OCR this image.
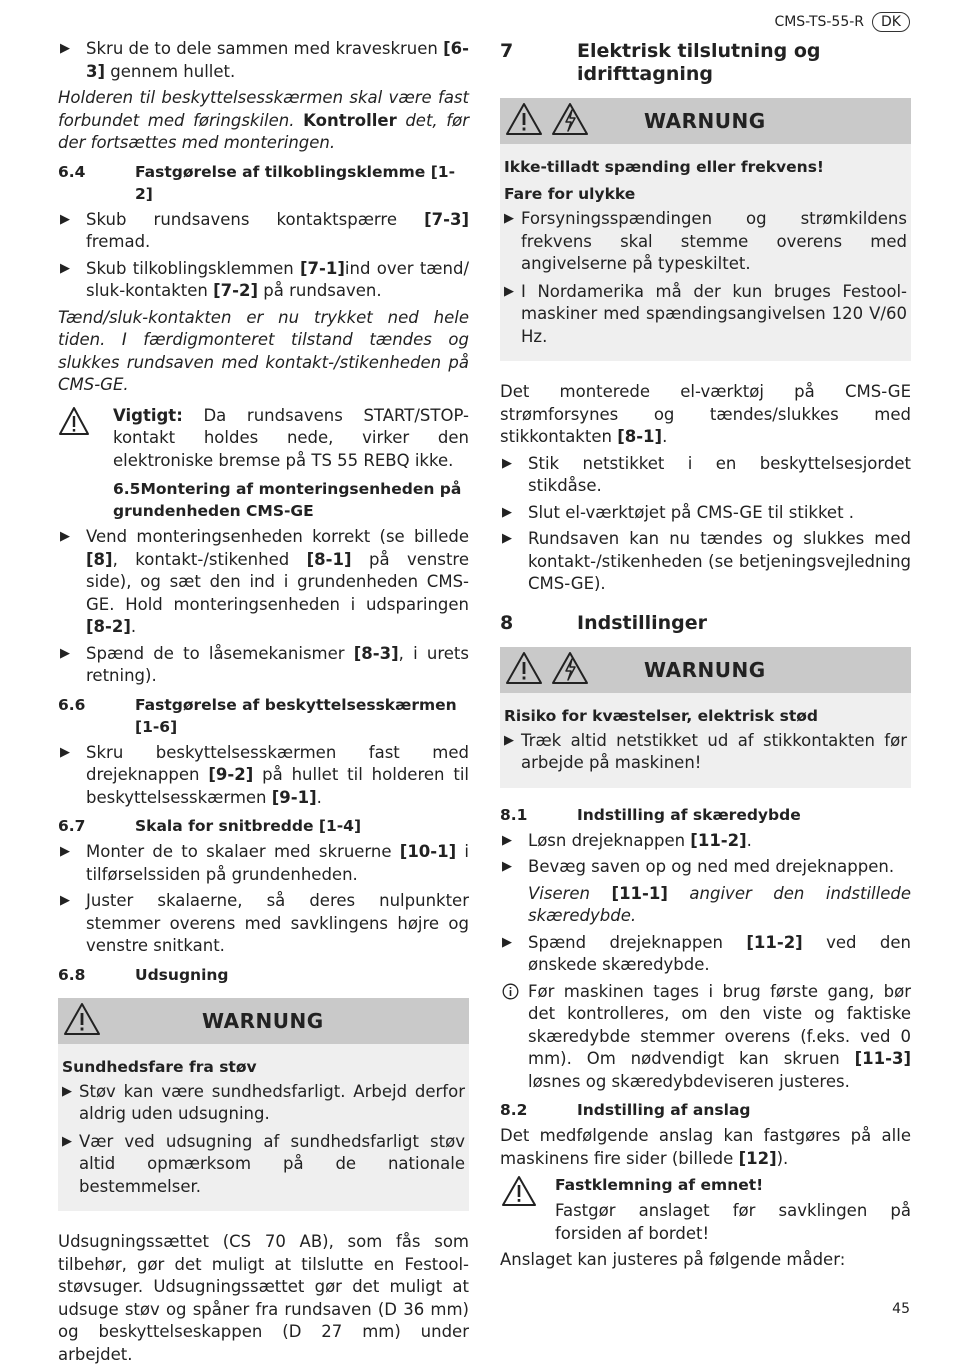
CMS-TS-55-R	DK
▶ Skru de to dele sammen med kraveskruen [6-3] gennem hullet.

Holderen til beskyttelsesskærmen skal være fast forbundet med føringskilen. Kontroller det, før der fortsættes med monteringen.

6.4	Fastgørelse af tilkoblingsklemme [1-2]
▶ Skub rundsavens kontaktspærre [7-3] fremad.
▶ Skub tilkoblingsklemmen [7-1]ind over tænd/ sluk-kontakten [7-2] på rundsaven.

Tænd/sluk-kontakten er nu trykket ned hele tiden. I færdigmonteret tilstand tændes og slukkes rundsaven med kontakt-/stikenheden på CMS-GE.

Vigtigt: Da rundsavens START/STOP-kontakt holdes nede, virker den elektroniske bremse på TS 55 REBQ ikke.

6.5Montering af monteringsenheden på grundenheden CMS-GE
▶ Vend monteringsenheden korrekt (se billede [8], kontakt-/stikenhed [8-1] på venstre side), og sæt den ind i grundenheden CMS-GE. Hold monteringsenheden i udsparingen [8-2].
▶ Spænd de to låsemekanismer [8-3], i urets retning).
6.6	Fastgørelse af beskyttelsesskærmen [1-6]
▶ Skru beskyttelsesskærmen fast med drejeknappen [9-2] på hullet til holderen til beskyttelsesskærmen [9-1].
6.7	Skala for snitbredde [1-4]
▶ Monter de to skalaer med skruerne [10-1] i tilførselssiden på grundenheden.
▶ Juster skalaerne, så deres nulpunkter stemmer overens med savklingens højre og venstre snitkant.
6.8	Udsugning
WARNUNG
Sundhedsfare fra støv
▶ Støv kan være sundhedsfarligt. Arbejd derfor aldrig uden udsugning.
▶ Vær ved udsugning af sundhedsfarligt støv altid opmærksom på de nationale bestemmelser.

Udsugningssættet (CS 70 AB), som fås som tilbehør, gør det muligt at tilslutte en Festool-støvsuger. Udsugningssættet gør det muligt at udsuge støv og spåner fra rundsaven (D 36 mm) og beskyttelseskappen (D 27 mm) under arbejdet.

7	Elektrisk tilslutning og idrifttagning
WARNUNG
Ikke-tilladt spænding eller frekvens!
Fare for ulykke
▶ Forsyningsspændingen og strømkildens frekvens skal stemme overens med angivelserne på typeskiltet.
▶ I Nordamerika må der kun bruges Festool-maskiner med spændingsangivelsen 120 V/60 Hz.

Det monterede el-værktøj på CMS-GE strømforsynes og tændes/slukkes med stikkontakten [8-1].

▶ Stik netstikket i en beskyttelsesjordet stikdåse.
▶ Slut el-værktøjet på CMS-GE til stikket .
▶ Rundsaven kan nu tændes og slukkes med kontakt-/stikenheden (se betjeningsvejledning CMS-GE).
8	Indstillinger
WARNUNG
Risiko for kvæstelser, elektrisk stød
▶ Træk altid netstikket ud af stikkontakten før arbejde på maskinen!
8.1	Indstilling af skæredybde
▶ Løsn drejeknappen [11-2].
▶ Bevæg saven op og ned med drejeknappen.

Viseren [11-1] angiver den indstillede skæredybde.

▶ Spænd drejeknappen [11-2] ved den ønskede skæredybde.
Før maskinen tages i brug første gang, bør det kontrolleres, om den viste og faktiske skæredybde stemmer overens (f.eks. ved 0 mm). Om nødvendigt kan skruen [11-3] løsnes og skæredybdeviseren justeres.
8.2	Indstilling af anslag

Det medfølgende anslag kan fastgøres på alle maskinens fire sider (billede [12]).

Fastklemning af emnet!

Fastgør anslaget før savklingen på forsiden af bordet!

Anslaget kan justeres på følgende måder:

45
